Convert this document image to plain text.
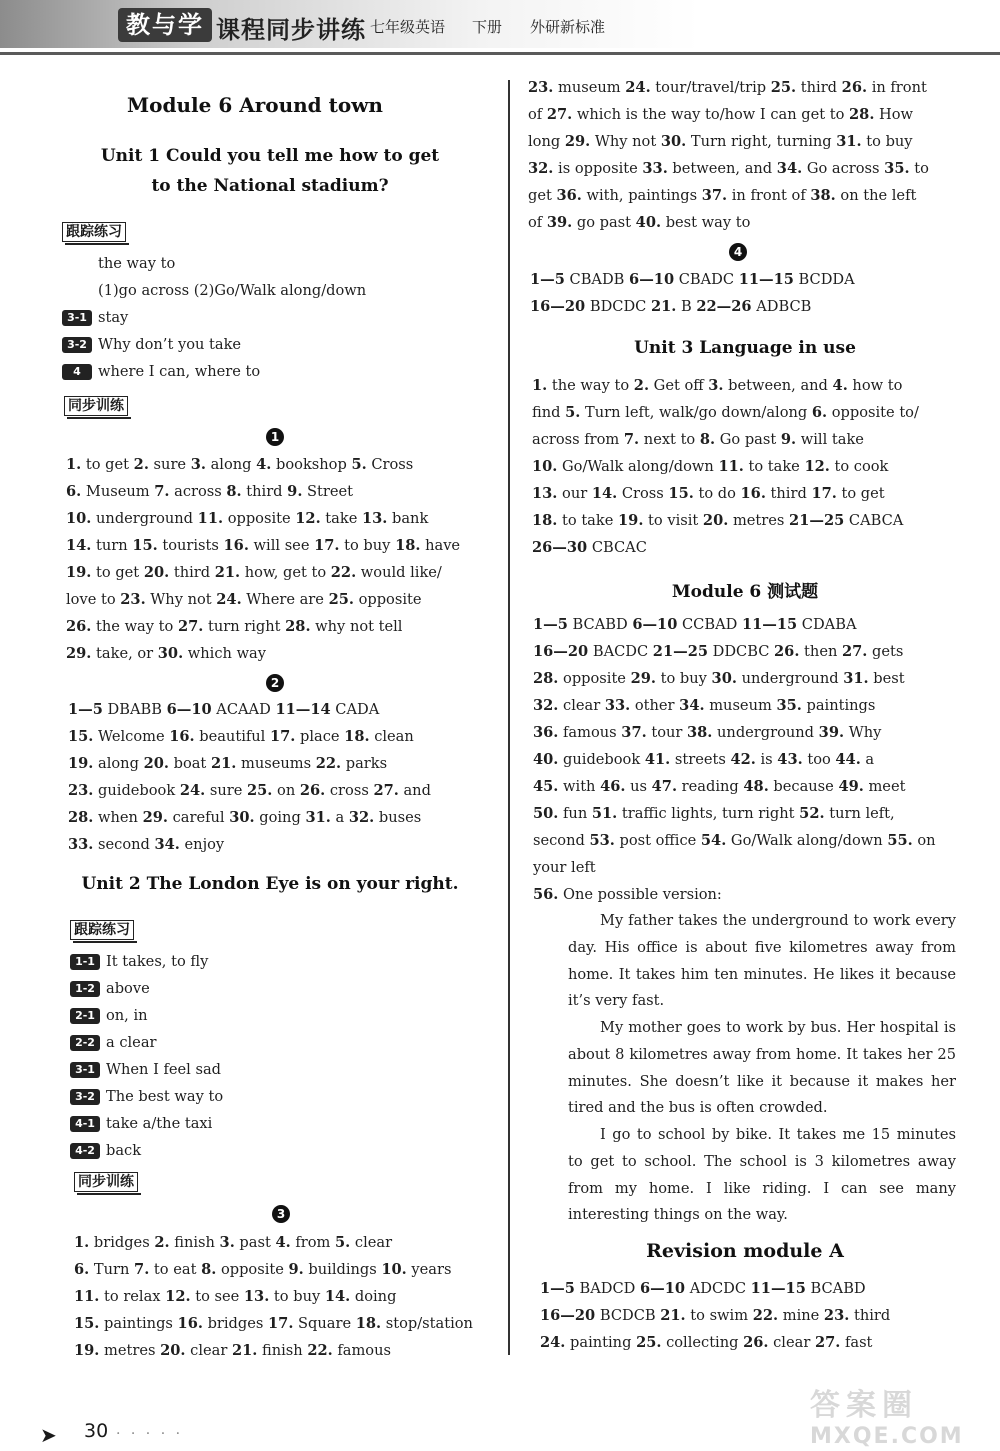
教与学 课程同步讲练 七年级英语 下册 外研新标准
Module 6 Around town
Unit 1 Could you tell me how to get
to the National stadium?
跟踪练习
the way to
(1)go across (2)Go/Walk along/down
3-1 stay
3-2 Why don’t you take
4	where I can, where to
同步训练
1
1. to get 2. sure 3. along 4. bookshop 5. Cross
6. Museum 7. across 8. third 9. Street
10. underground 11. opposite 12. take 13. bank
14. turn 15. tourists 16. will see 17. to buy 18. have
19. to get 20. third 21. how, get to 22. would like/
love to 23. Why not 24. Where are 25. opposite
26. the way to 27. turn right 28. why not tell
29. take, or 30. which way
2
1—5 DBABB 6—10 ACAAD 11—14 CADA
15. Welcome 16. beautiful 17. place 18. clean
19. along 20. boat 21. museums 22. parks
23. guidebook 24. sure 25. on 26. cross 27. and
28. when 29. careful 30. going 31. a 32. buses
33. second 34. enjoy
Unit 2 The London Eye is on your right.
跟踪练习
1-1 It takes, to fly
1-2 above
2-1 on, in
2-2 a clear
3-1 When I feel sad
3-2 The best way to
4-1 take a/the taxi
4-2 back
同步训练
3
1. bridges 2. finish 3. past 4. from 5. clear
6. Turn 7. to eat 8. opposite 9. buildings 10. years
11. to relax 12. to see 13. to buy 14. doing
15. paintings 16. bridges 17. Square 18. stop/station
19. metres 20. clear 21. finish 22. famous
23. museum 24. tour/travel/trip 25. third 26. in front
of 27. which is the way to/how I can get to 28. How
long 29. Why not 30. Turn right, turning 31. to buy
32. is opposite 33. between, and 34. Go across 35. to
get 36. with, paintings 37. in front of 38. on the left
of 39. go past 40. best way to
4
1—5 CBADB 6—10 CBADC 11—15 BCDDA
16—20 BDCDC 21. B 22—26 ADBCB
Unit 3 Language in use
1. the way to 2. Get off 3. between, and 4. how to
find 5. Turn left, walk/go down/along 6. opposite to/
across from 7. next to 8. Go past 9. will take
10. Go/Walk along/down 11. to take 12. to cook
13. our 14. Cross 15. to do 16. third 17. to get
18. to take 19. to visit 20. metres 21—25 CABCA
26—30 CBCAC
Module 6 测试题
1—5 BCABD 6—10 CCBAD 11—15 CDABA
16—20 BACDC 21—25 DDCBC 26. then 27. gets
28. opposite 29. to buy 30. underground 31. best
32. clear 33. other 34. museum 35. paintings
36. famous 37. tour 38. underground 39. Why
40. guidebook 41. streets 42. is 43. too 44. a
45. with 46. us 47. reading 48. because 49. meet
50. fun 51. traffic lights, turn right 52. turn left,
second 53. post office 54. Go/Walk along/down 55. on
your left
56. One possible version:
My father takes the underground to work every day. His office is about five kilometres away from home. It takes him ten minutes. He likes it because it’s very fast.
My mother goes to work by bus. Her hospital is about 8 kilometres away from home. It takes her 25 minutes. She doesn’t like it because it makes her tired and the bus is often crowded.
I go to school by bike. It takes me 15 minutes to get to school. The school is 3 kilometres away from my home. I like riding. I can see many interesting things on the way.
Revision module A
1—5 BADCD 6—10 ADCDC 11—15 BCABD
16—20 BCDCB 21. to swim 22. mine 23. third
24. painting 25. collecting 26. clear 27. fast
➤ 30 · · · · ·
答案圈
MXQE.COM
